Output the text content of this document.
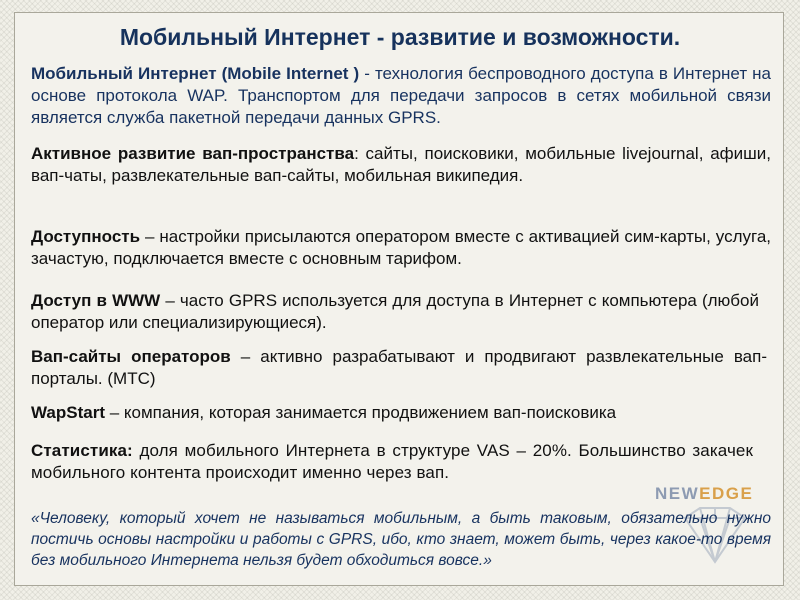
Мобильный Интернет - развитие и возможности.

Мобильный Интернет (Mobile Internet ) - технология беспроводного доступа в Интернет на основе протокола WAP. Транспортом для передачи запросов в сетях мобильной связи является служба пакетной передачи данных GPRS.

Активное развитие вап-пространства: сайты, поисковики, мобильные livejournal, афиши, вап-чаты, развлекательные вап-сайты, мобильная википедия.

Доступность – настройки присылаются оператором вместе с активацией сим-карты, услуга, зачастую, подключается вместе с основным тарифом.

Доступ в WWW – часто GPRS используется для доступа в Интернет с компьютера (любой оператор или специализирующиеся).

Вап-сайты операторов – активно разрабатывают и продвигают развлекательные вап-порталы. (МТС)

WapStart – компания, которая занимается продвижением вап-поисковика

Статистика: доля мобильного Интернета в структуре VAS – 20%. Большинство закачек мобильного контента происходит именно через вап.

NEWEDGE

«Человеку, который хочет не называться мобильным, а быть таковым, обязательно нужно постичь основы настройки и работы с GPRS, ибо, кто знает, может быть, через какое-то время без мобильного Интернета нельзя будет обходиться вовсе.»
